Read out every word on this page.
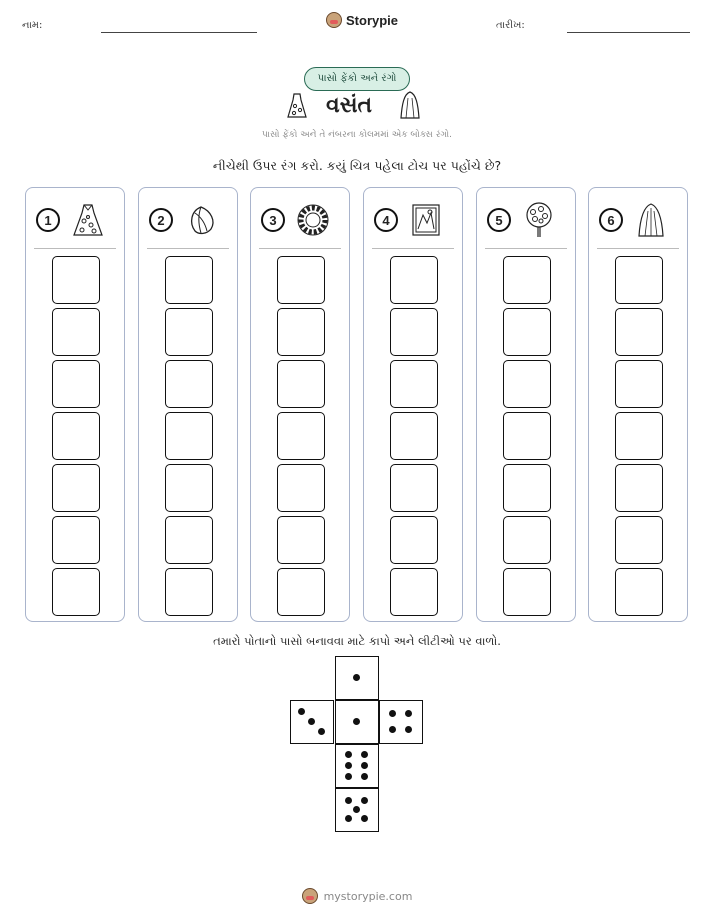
નામ:	Storypie	તારીખ:
પાસો ફેંકો અને રંગો
વસંત
પાસો ફેંકો અને તે નંબરના કોલમમાં એક બોક્સ રંગો.
નીચેથી ઉપર રંગ કરો. કયું ચિત્ર પહેલા ટોચ પર પહોંચે છે?
1	2	3	4	5	6
તમારો પોતાનો પાસો બનાવવા માટે કાપો અને લીટીઓ પર વાળો.
mystorypie.com
